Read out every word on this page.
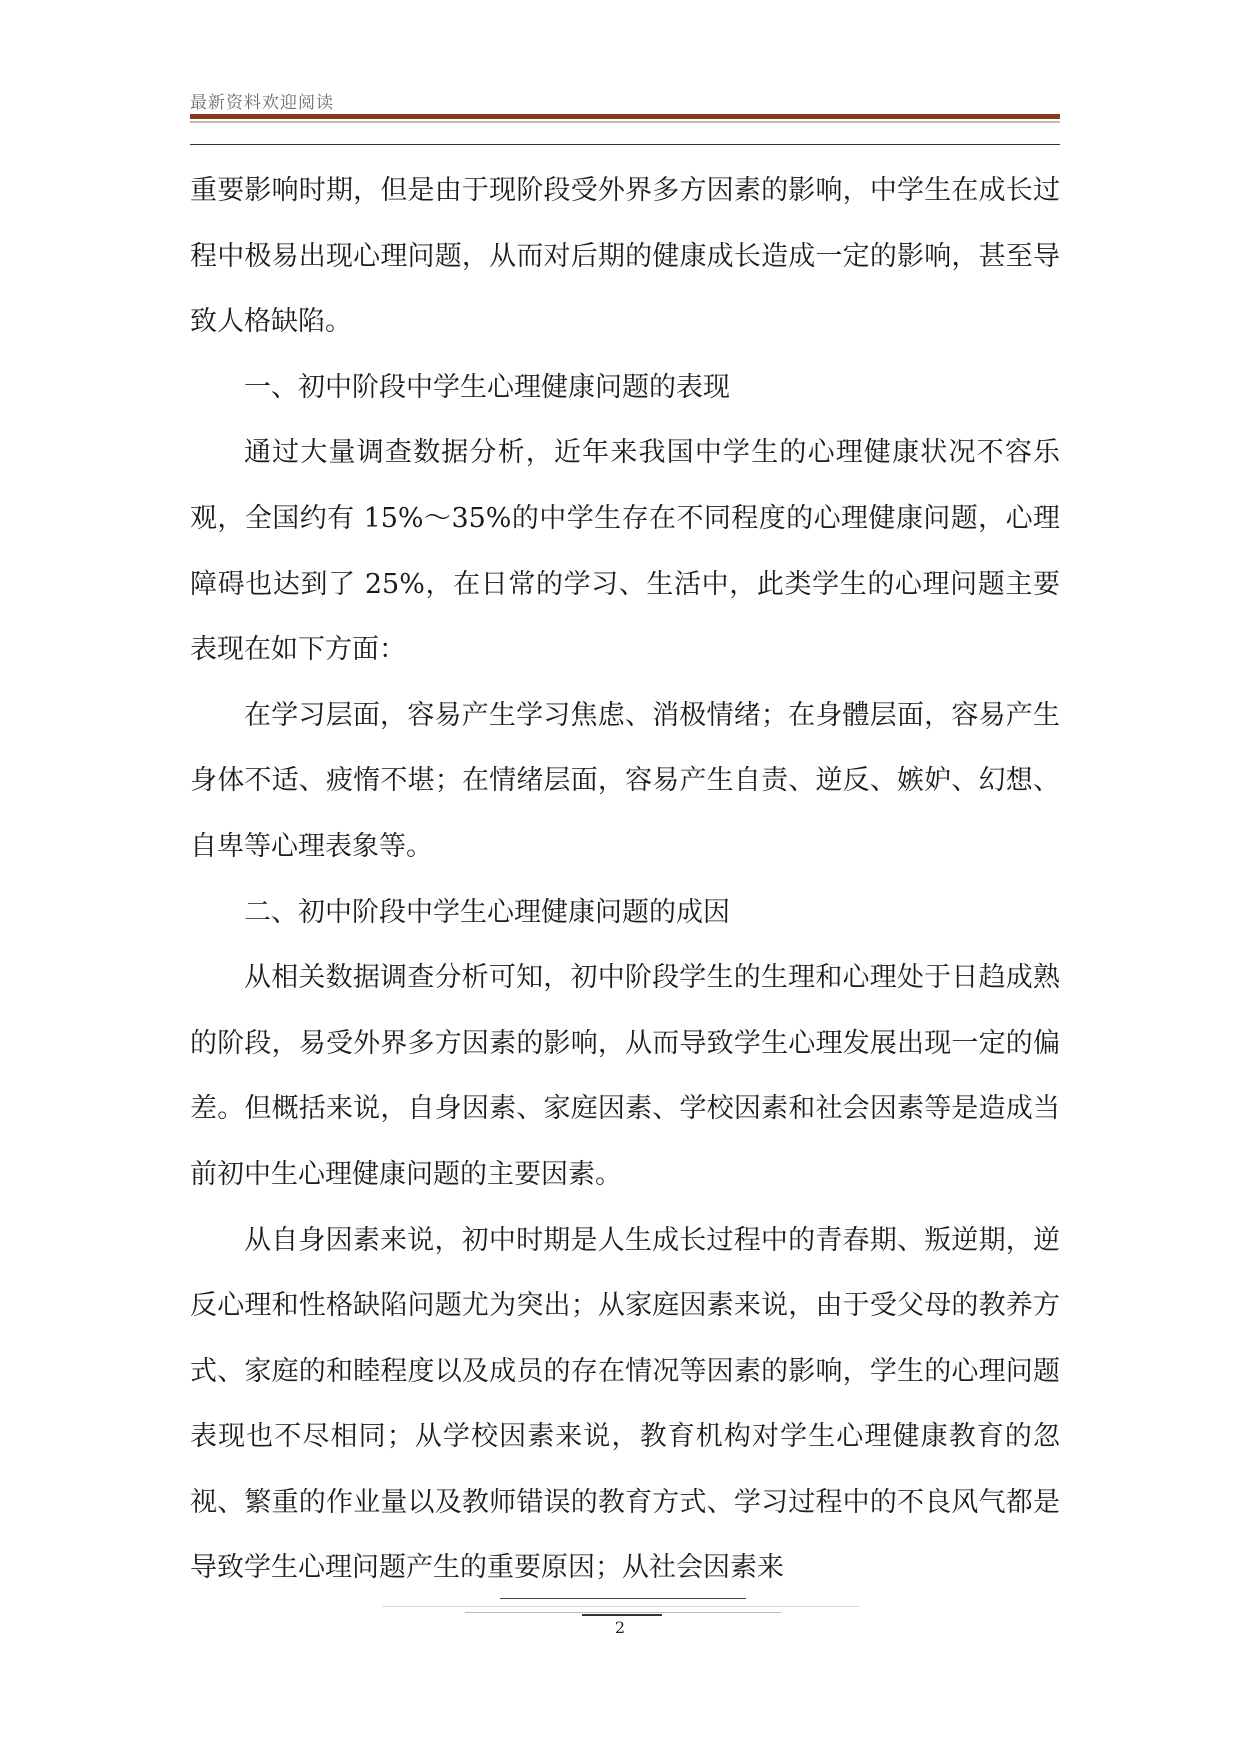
最新资料欢迎阅读

重要影响时期，但是由于现阶段受外界多方因素的影响，中学生在成长过程中极易出现心理问题，从而对后期的健康成长造成一定的影响，甚至导致人格缺陷。

一、初中阶段中学生心理健康问题的表现

通过大量调查数据分析，近年来我国中学生的心理健康状况不容乐观，全国约有 15%～35%的中学生存在不同程度的心理健康问题，心理障碍也达到了 25%，在日常的学习、生活中，此类学生的心理问题主要表现在如下方面：

在学习层面，容易产生学习焦虑、消极情绪；在身體层面，容易产生身体不适、疲惰不堪；在情绪层面，容易产生自责、逆反、嫉妒、幻想、自卑等心理表象等。

二、初中阶段中学生心理健康问题的成因

从相关数据调查分析可知，初中阶段学生的生理和心理处于日趋成熟的阶段，易受外界多方因素的影响，从而导致学生心理发展出现一定的偏差。但概括来说，自身因素、家庭因素、学校因素和社会因素等是造成当前初中生心理健康问题的主要因素。

从自身因素来说，初中时期是人生成长过程中的青春期、叛逆期，逆反心理和性格缺陷问题尤为突出；从家庭因素来说，由于受父母的教养方式、家庭的和睦程度以及成员的存在情况等因素的影响，学生的心理问题表现也不尽相同；从学校因素来说，教育机构对学生心理健康教育的忽视、繁重的作业量以及教师错误的教育方式、学习过程中的不良风气都是导致学生心理问题产生的重要原因；从社会因素来

2
